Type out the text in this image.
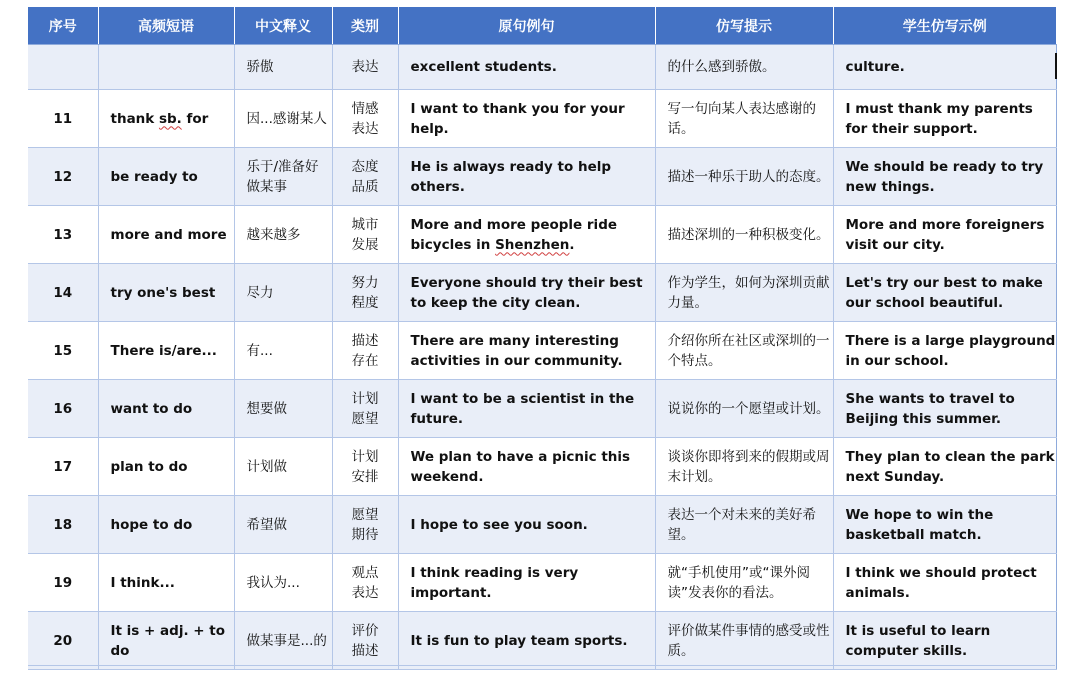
序号	高频短语	中文释义	类别	原句例句	仿写提示	学生仿写示例
		骄傲	表达	excellent students.	的什么感到骄傲。	culture.
11	thank sb. for	因...感谢某人	情感表达	I want to thank you for your help.	写一句向某人表达感谢的话。	I must thank my parents for their support.
12	be ready to	乐于/准备好做某事	态度品质	He is always ready to help others.	描述一种乐于助人的态度。	We should be ready to try new things.
13	more and more	越来越多	城市发展	More and more people ride bicycles in Shenzhen.	描述深圳的一种积极变化。	More and more foreigners visit our city.
14	try one's best	尽力	努力程度	Everyone should try their best to keep the city clean.	作为学生，如何为深圳贡献力量。	Let's try our best to make our school beautiful.
15	There is/are...	有...	描述存在	There are many interesting activities in our community.	介绍你所在社区或深圳的一个特点。	There is a large playground in our school.
16	want to do	想要做	计划愿望	I want to be a scientist in the future.	说说你的一个愿望或计划。	She wants to travel to Beijing this summer.
17	plan to do	计划做	计划安排	We plan to have a picnic this weekend.	谈谈你即将到来的假期或周末计划。	They plan to clean the park next Sunday.
18	hope to do	希望做	愿望期待	I hope to see you soon.	表达一个对未来的美好希望。	We hope to win the basketball match.
19	I think...	我认为...	观点表达	I think reading is very important.	就“手机使用”或“课外阅读”发表你的看法。	I think we should protect animals.
20	It is + adj. + to do	做某事是...的	评价描述	It is fun to play team sports.	评价做某件事情的感受或性质。	It is useful to learn computer skills.
